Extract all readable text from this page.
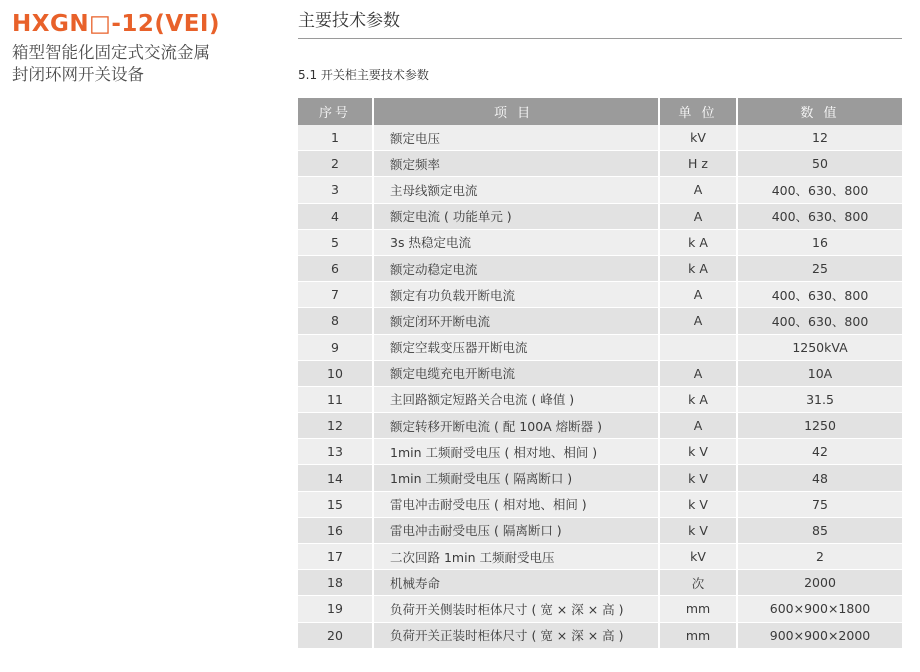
HXGN□-12(VEI)
箱型智能化固定式交流金属
封闭环网开关设备
主要技术参数
5.1 开关柜主要技术参数
序号	项 目	单 位	数 值
1	额定电压	kV	12
2	额定频率	H z	50
3	主母线额定电流	A	400、630、800
4	额定电流 ( 功能单元 )	A	400、630、800
5	3s 热稳定电流	k A	16
6	额定动稳定电流	k A	25
7	额定有功负载开断电流	A	400、630、800
8	额定闭环开断电流	A	400、630、800
9	额定空载变压器开断电流		1250kVA
10	额定电缆充电开断电流	A	10A
11	主回路额定短路关合电流 ( 峰值 )	k A	31.5
12	额定转移开断电流 ( 配 100A 熔断器 )	A	1250
13	1min 工频耐受电压 ( 相对地、相间 )	k V	42
14	1min 工频耐受电压 ( 隔离断口 )	k V	48
15	雷电冲击耐受电压 ( 相对地、相间 )	k V	75
16	雷电冲击耐受电压 ( 隔离断口 )	k V	85
17	二次回路 1min 工频耐受电压	kV	2
18	机械寿命	次	2000
19	负荷开关侧装时柜体尺寸 ( 宽 × 深 × 高 )	mm	600×900×1800
20	负荷开关正装时柜体尺寸 ( 宽 × 深 × 高 )	mm	900×900×2000
